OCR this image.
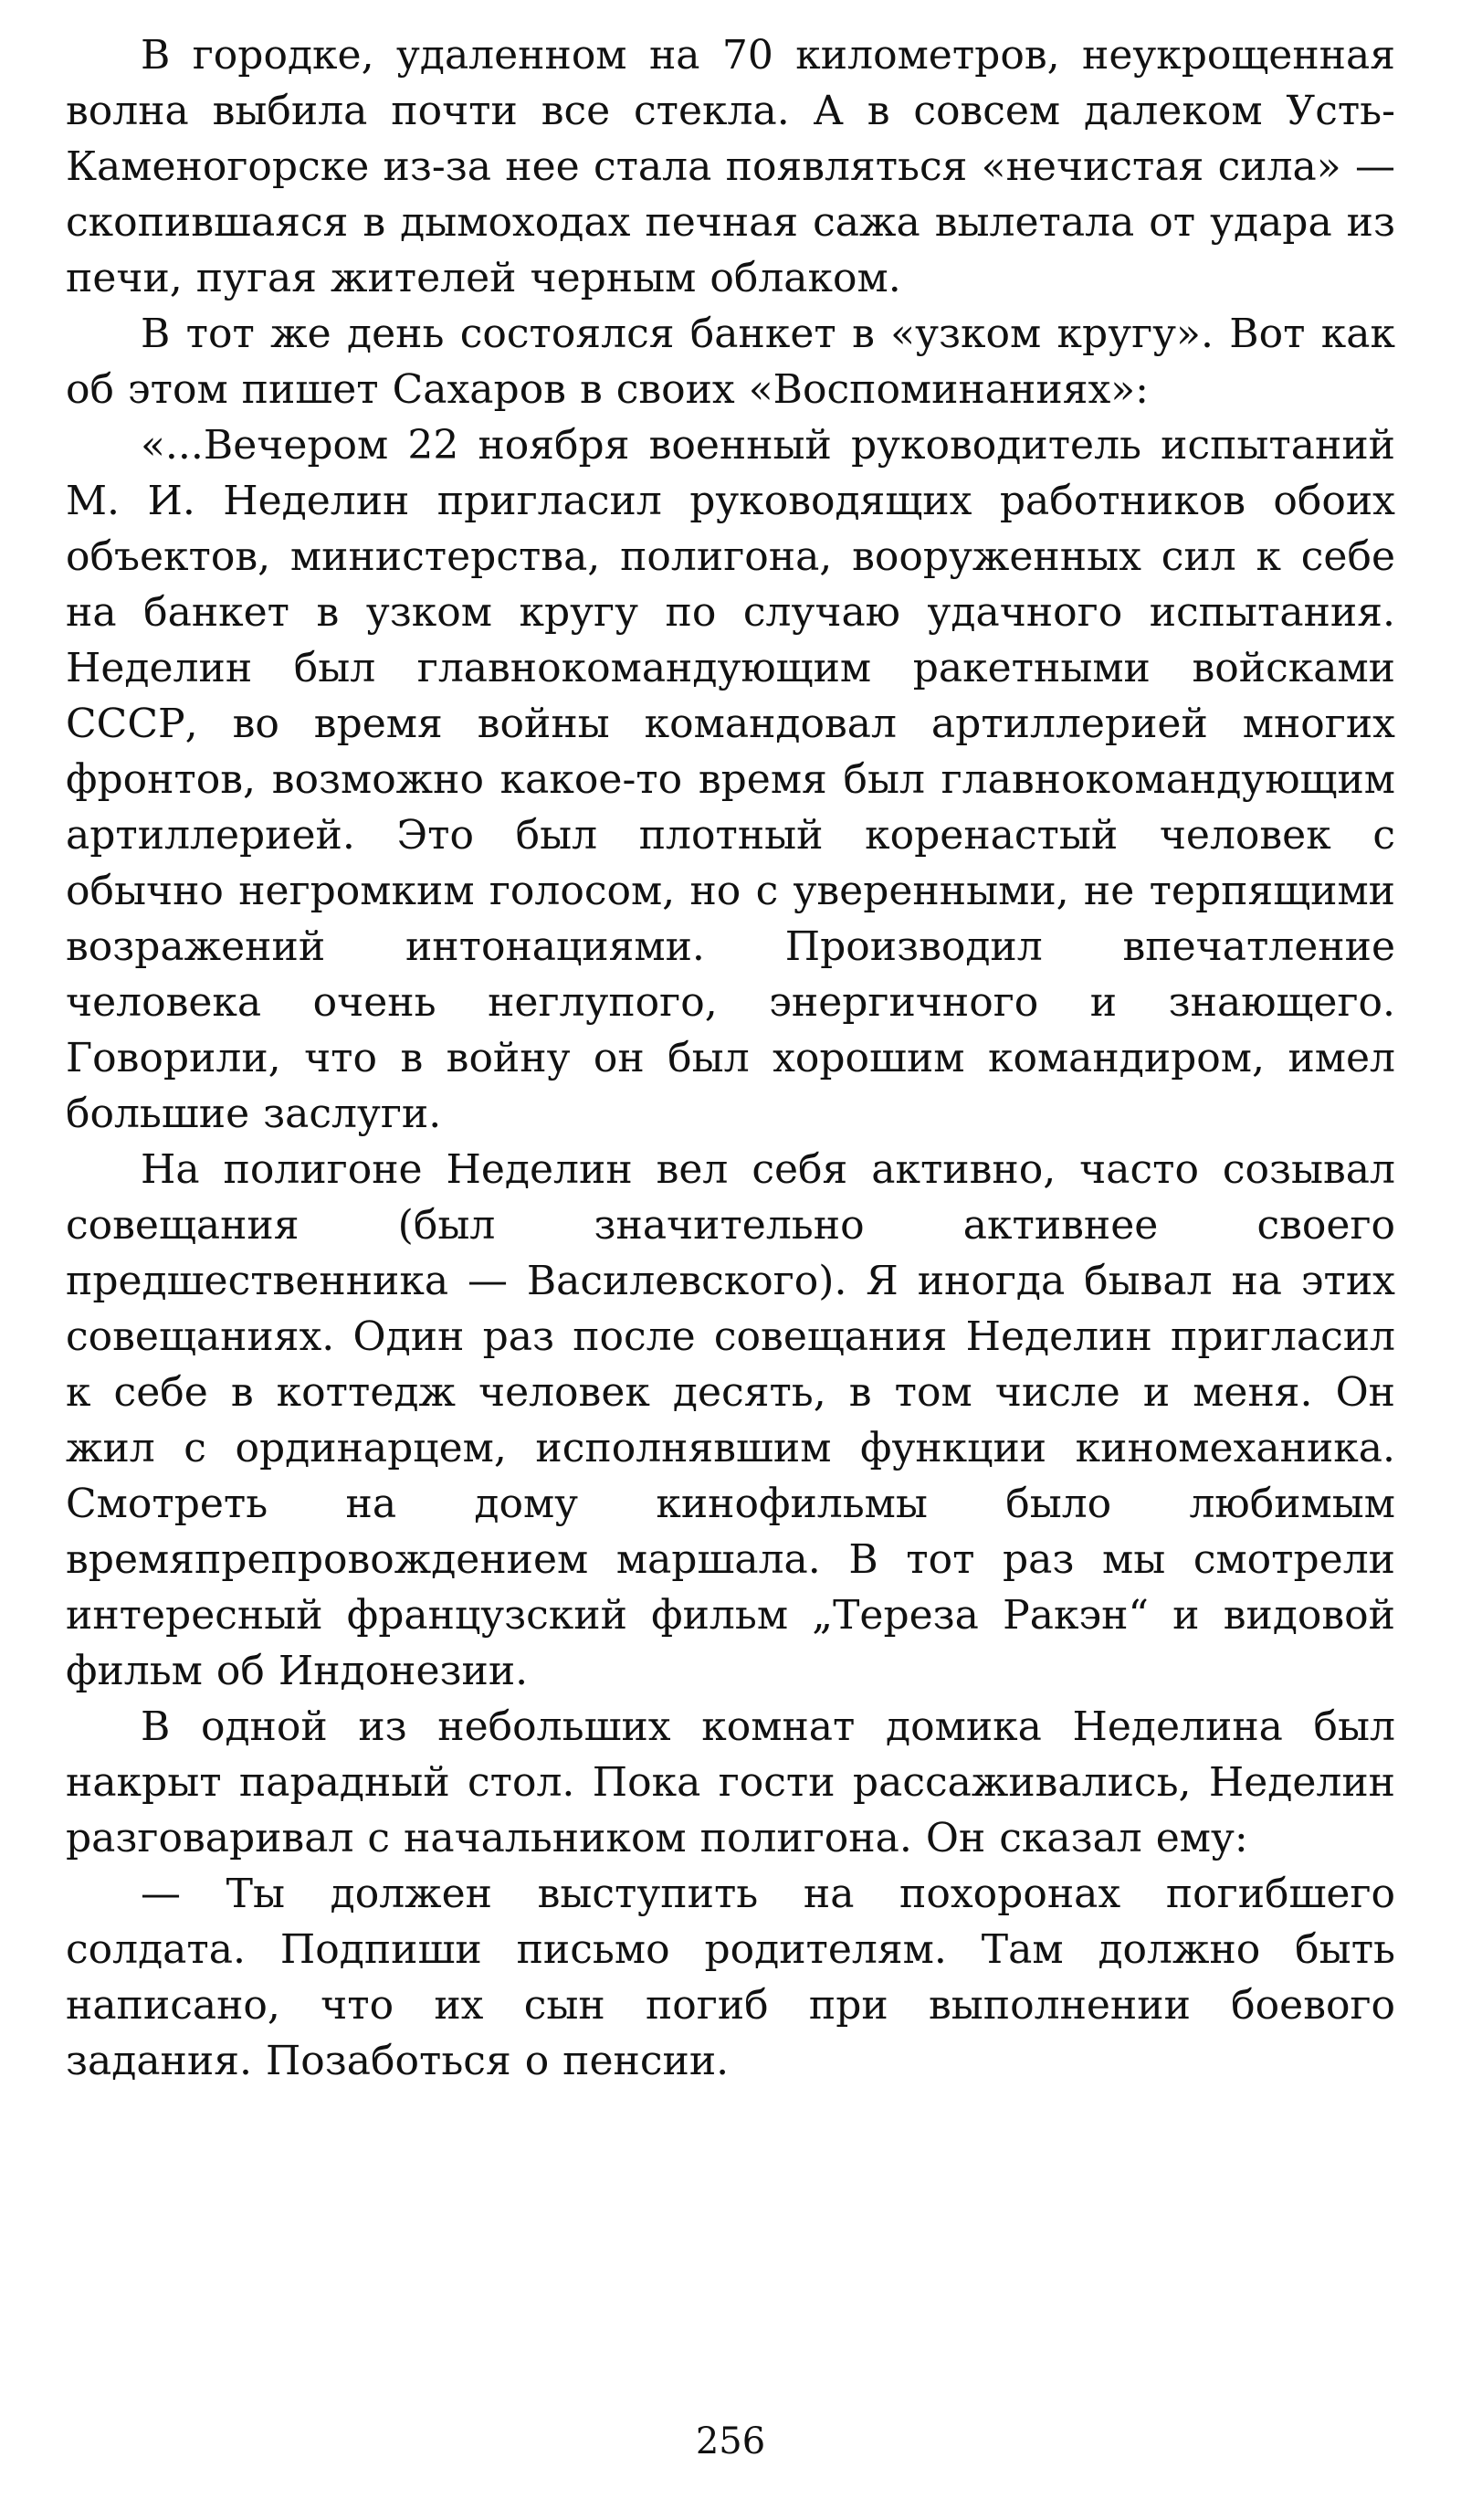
В городке, удаленном на 70 километров, неукрощенная волна выбила почти все стекла. А в совсем далеком Усть-Каменогорске из-за нее стала появляться «нечистая сила» — скопившаяся в дымоходах печная сажа вылетала от удара из печи, пугая жителей черным облаком.

В тот же день состоялся банкет в «узком кругу». Вот как об этом пишет Сахаров в своих «Воспоминаниях»:

«...Вечером 22 ноября военный руководитель испытаний М. И. Неделин пригласил руководящих работников обоих объектов, министерства, полигона, вооруженных сил к себе на банкет в узком кругу по случаю удачного испытания. Неделин был главнокомандующим ракетными войсками СССР, во время войны командовал артиллерией многих фронтов, возможно какое-то время был главнокомандующим артиллерией. Это был плотный коренастый человек с обычно негромким голосом, но с уверенными, не терпящими возражений интонациями. Производил впечатление человека очень неглупого, энергичного и знающего. Говорили, что в войну он был хорошим командиром, имел большие заслуги.

На полигоне Неделин вел себя активно, часто созывал совещания (был значительно активнее своего предшественника — Василевского). Я иногда бывал на этих совещаниях. Один раз после совещания Неделин пригласил к себе в коттедж человек десять, в том числе и меня. Он жил с ординарцем, исполнявшим функции киномеханика. Смотреть на дому кинофильмы было любимым времяпрепровождением маршала. В тот раз мы смотрели интересный французский фильм „Тереза Ракэн“ и видовой фильм об Индонезии.

В одной из небольших комнат домика Неделина был накрыт парадный стол. Пока гости рассаживались, Неделин разговаривал с начальником полигона. Он сказал ему:

— Ты должен выступить на похоронах погибшего солдата. Подпиши письмо родителям. Там должно быть написано, что их сын погиб при выполнении боевого задания. Позаботься о пенсии.

256
